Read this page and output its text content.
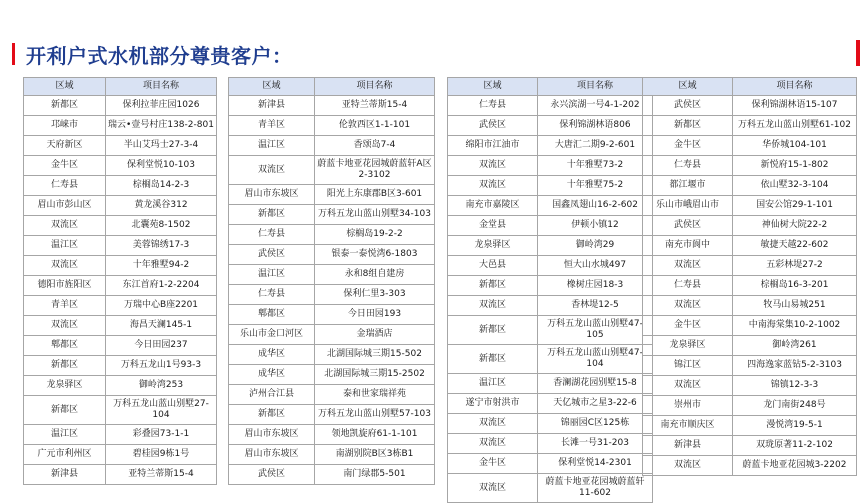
开利户式水机部分尊贵客户：
区域	项目名称
新都区	保利拉菲庄园1026
邛崃市	瑞云•壹号村庄138-2-801
天府新区	半山艾玛士27-3-4
金牛区	保利堂悦10-103
仁寿县	棕榈岛14-2-3
眉山市彭山区	黄龙溪谷312
双流区	北囊苑8-1502
温江区	美蓉锦绣17-3
双流区	十年雅墅94-2
德阳市旌阳区	东江首府1-2-2204
青羊区	万瑞中心B座2201
双流区	海昌天澜145-1
郫都区	今日田园237
新都区	万科五龙山1号93-3
龙泉驿区	御岭湾253
新都区	万科五龙山蓝山别墅27-104
温江区	彩叠园73-1-1
广元市利州区	碧桂园9栋1号
新津县	亚特兰蒂斯15-4
区域	项目名称
新津县	亚特兰蒂斯15-4
青羊区	伦敦西区1-1-101
温江区	香颂岛7-4
双流区	蔚蓝卡地亚花园城蔚蓝轩A区2-3102
眉山市东坡区	阳光上东康郡B区3-601
新都区	万科五龙山蓝山别墅34-103
仁寿县	棕榈岛19-2-2
武侯区	银泰一泰悦湾6-1803
温江区	永和8组自建房
仁寿县	保利仁里3-303
郫都区	今日田园193
乐山市金口河区	金瑞酒店
成华区	北湖国际城三期15-502
成华区	北湖国际城三期15-2502
泸州合江县	泰和世家瑞祥苑
新都区	万科五龙山蓝山别墅57-103
眉山市东坡区	领地凯旋府61-1-101
眉山市东坡区	南湖别院B区3栋B1
武侯区	南门绿郡5-501
区域	项目名称
仁寿县	永兴滨湖一号4-1-202
武侯区	保利锦湖林语806
绵阳市江油市	大唐汇二期9-2-601
双流区	十年雅墅73-2
双流区	十年雅墅75-2
南充市嘉陵区	国鑫凤翅山16-2-602
金堂县	伊顿小镇12
龙泉驿区	御岭湾29
大邑县	恒大山水城497
新都区	橡树庄园18-3
双流区	香林堤12-5
新都区	万科五龙山蓝山别墅47-105
新都区	万科五龙山蓝山别墅47-104
温江区	香澜湖花园别墅15-8
遂宁市射洪市	天亿城市之星3-22-6
双流区	锦丽园C区125栋
双流区	长滩一号31-203
金牛区	保利堂悦14-2301
双流区	蔚蓝卡地亚花园城蔚蓝轩11-602
区域	项目名称
武侯区	保利锦湖林语15-107
新都区	万科五龙山蓝山别墅61-102
金牛区	华侨城104-101
仁寿县	新悦府15-1-802
都江堰市	依山墅32-3-104
乐山市峨眉山市	国安公馆29-1-101
武侯区	神仙树大院22-2
南充市阆中	敏捷天越22-602
双流区	五彩林堤27-2
仁寿县	棕榈岛16-3-201
双流区	牧马山易城251
金牛区	中南海棠集10-2-1002
龙泉驿区	御岭湾261
锦江区	四海逸家蓝钻5-2-3103
双流区	锦镇12-3-3
崇州市	龙门南街248号
南充市顺庆区	漫悦湾19-5-1
新津县	双珑原著11-2-102
双流区	蔚蓝卡地亚花园城3-2202
